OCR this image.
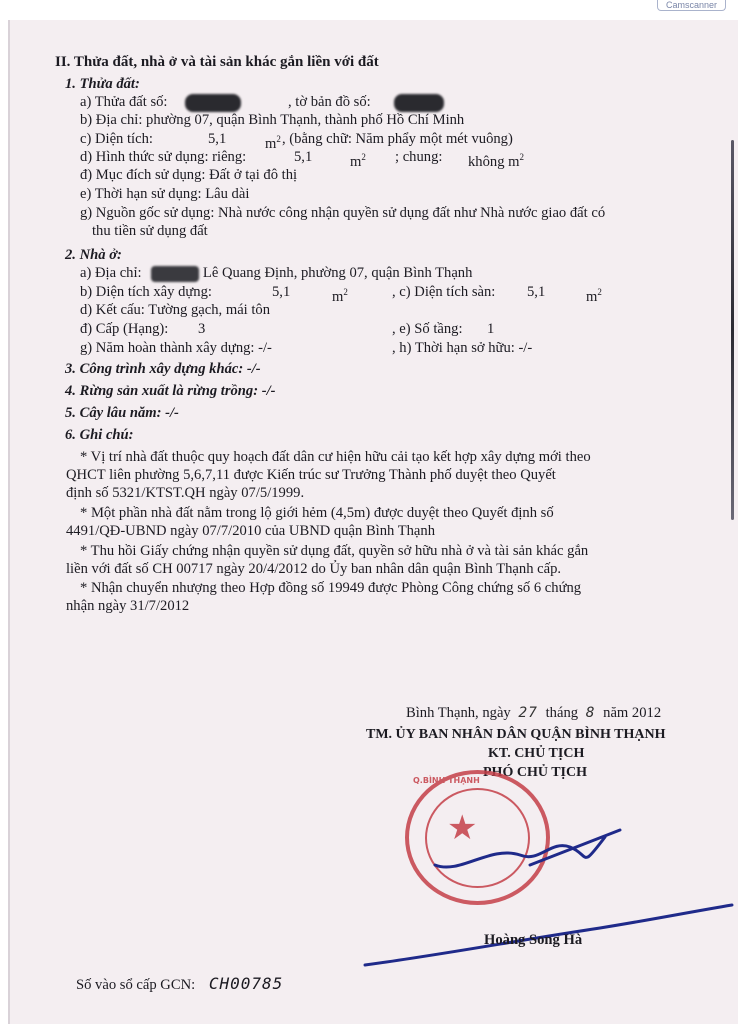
Camscanner
II. Thửa đất, nhà ở và tài sản khác gắn liền với đất
1. Thửa đất:
a) Thửa đất số:	, tờ bản đồ số:
b) Địa chỉ: phường 07, quận Bình Thạnh, thành phố Hồ Chí Minh
c) Diện tích:	5,1	$m^2$ , (bằng chữ: Năm phẩy một mét vuông)
d) Hình thức sử dụng: riêng:	5,1	$m^2$ ; chung: không $m^2$
đ) Mục đích sử dụng: Đất ở tại đô thị
e) Thời hạn sử dụng: Lâu dài
g) Nguồn gốc sử dụng: Nhà nước công nhận quyền sử dụng đất như Nhà nước giao đất có
thu tiền sử dụng đất
2. Nhà ở:
a) Địa chỉ:	Lê Quang Định, phường 07, quận Bình Thạnh
b) Diện tích xây dựng:	5,1	$m^2$	, c) Diện tích sàn: 5,1	$m^2$
d) Kết cấu: Tường gạch, mái tôn
đ) Cấp (Hạng): 3	, e) Số tầng: 1
g) Năm hoàn thành xây dựng: -/-	, h) Thời hạn sở hữu: -/-
3. Công trình xây dựng khác: -/-
4. Rừng sản xuất là rừng trồng: -/-
5. Cây lâu năm: -/-
6. Ghi chú:
* Vị trí nhà đất thuộc quy hoạch đất dân cư hiện hữu cải tạo kết hợp xây dựng mới theo
QHCT liên phường 5,6,7,11 được Kiến trúc sư Trưởng Thành phố duyệt theo Quyết
định số 5321/KTST.QH ngày 07/5/1999.
* Một phần nhà đất nằm trong lộ giới hẻm (4,5m) được duyệt theo Quyết định số
4491/QĐ-UBND ngày 07/7/2010 của UBND quận Bình Thạnh
* Thu hồi Giấy chứng nhận quyền sử dụng đất, quyền sở hữu nhà ở và tài sản khác gắn
liền với đất số CH 00717 ngày 20/4/2012 do Ủy ban nhân dân quận Bình Thạnh cấp.
* Nhận chuyển nhượng theo Hợp đồng số 19949 được Phòng Công chứng số 6 chứng
nhận ngày 31/7/2012
Bình Thạnh, ngày 27 tháng 8 năm 2012
TM. ỦY BAN NHÂN DÂN QUẬN BÌNH THẠNH
KT. CHỦ TỊCH
PHÓ CHỦ TỊCH
Q.BÌNH THẠNH
★
Hoàng Song Hà
Số vào sổ cấp GCN: CH00785
